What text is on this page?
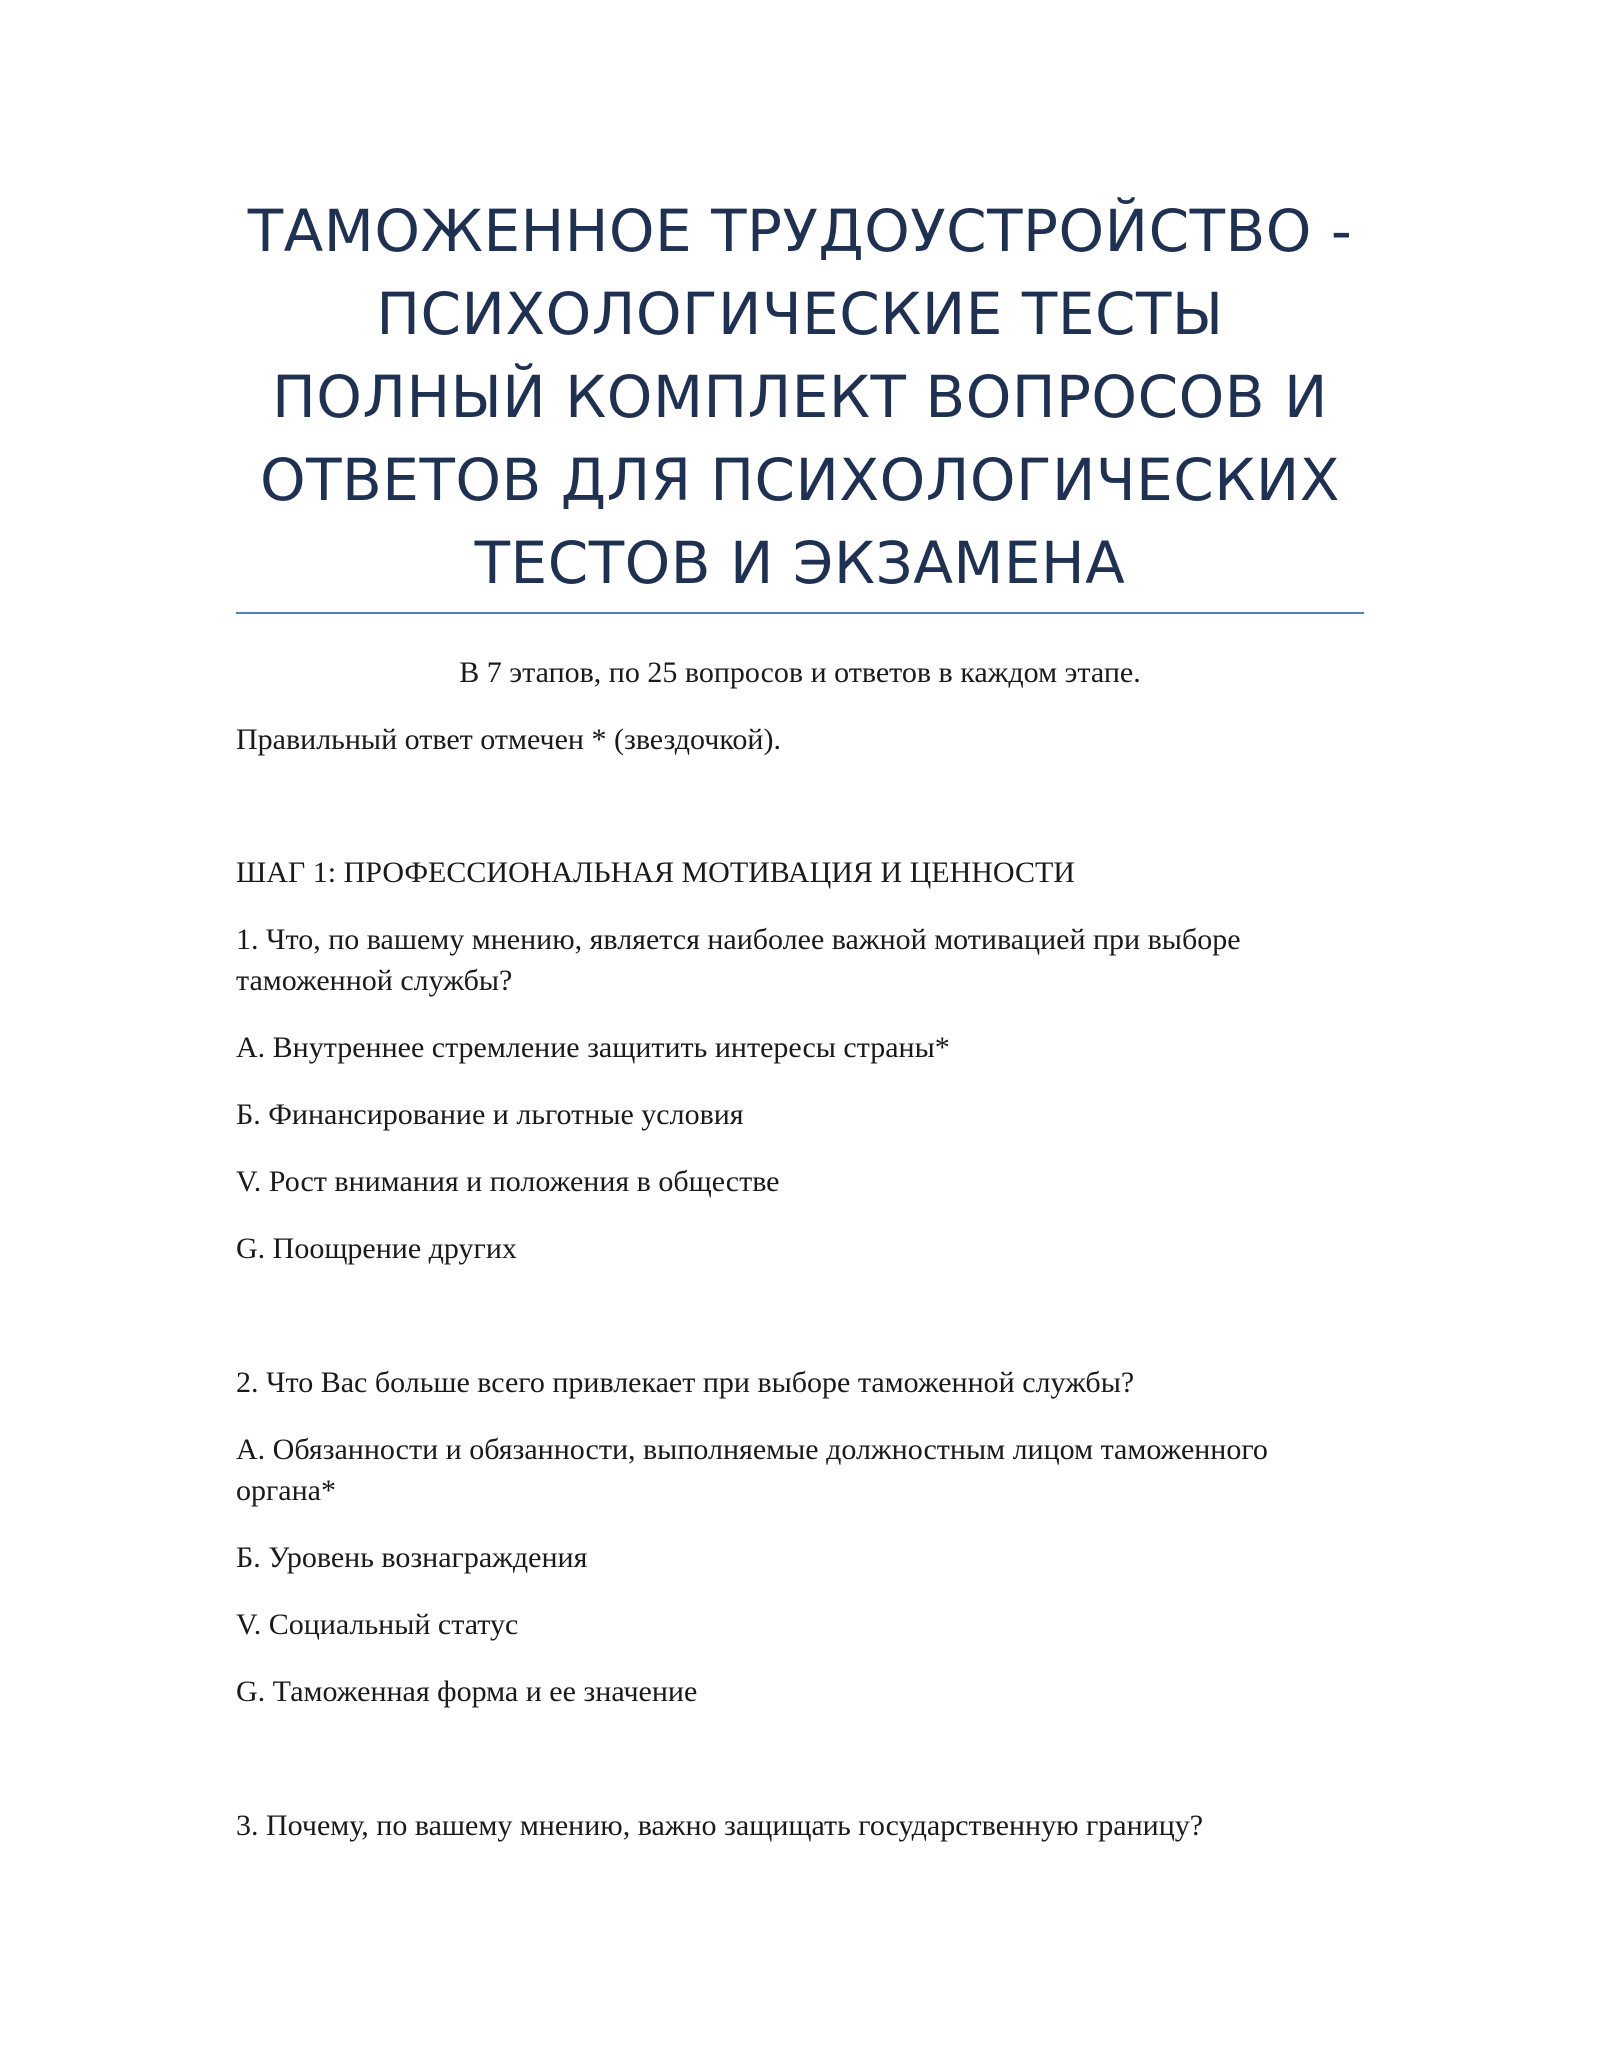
ТАМОЖЕННОЕ ТРУДОУСТРОЙСТВО -
ПСИХОЛОГИЧЕСКИЕ ТЕСТЫ
ПОЛНЫЙ КОМПЛЕКТ ВОПРОСОВ И
ОТВЕТОВ ДЛЯ ПСИХОЛОГИЧЕСКИХ
ТЕСТОВ И ЭКЗАМЕНА
В 7 этапов, по 25 вопросов и ответов в каждом этапе.
Правильный ответ отмечен * (звездочкой).
ШАГ 1: ПРОФЕССИОНАЛЬНАЯ МОТИВАЦИЯ И ЦЕННОСТИ
1. Что, по вашему мнению, является наиболее важной мотивацией при выборе таможенной службы?
А. Внутреннее стремление защитить интересы страны*
Б. Финансирование и льготные условия
V. Рост внимания и положения в обществе
G. Поощрение других
2. Что Вас больше всего привлекает при выборе таможенной службы?
А. Обязанности и обязанности, выполняемые должностным лицом таможенного органа*
Б. Уровень вознаграждения
V. Социальный статус
G. Таможенная форма и ее значение
3. Почему, по вашему мнению, важно защищать государственную границу?
